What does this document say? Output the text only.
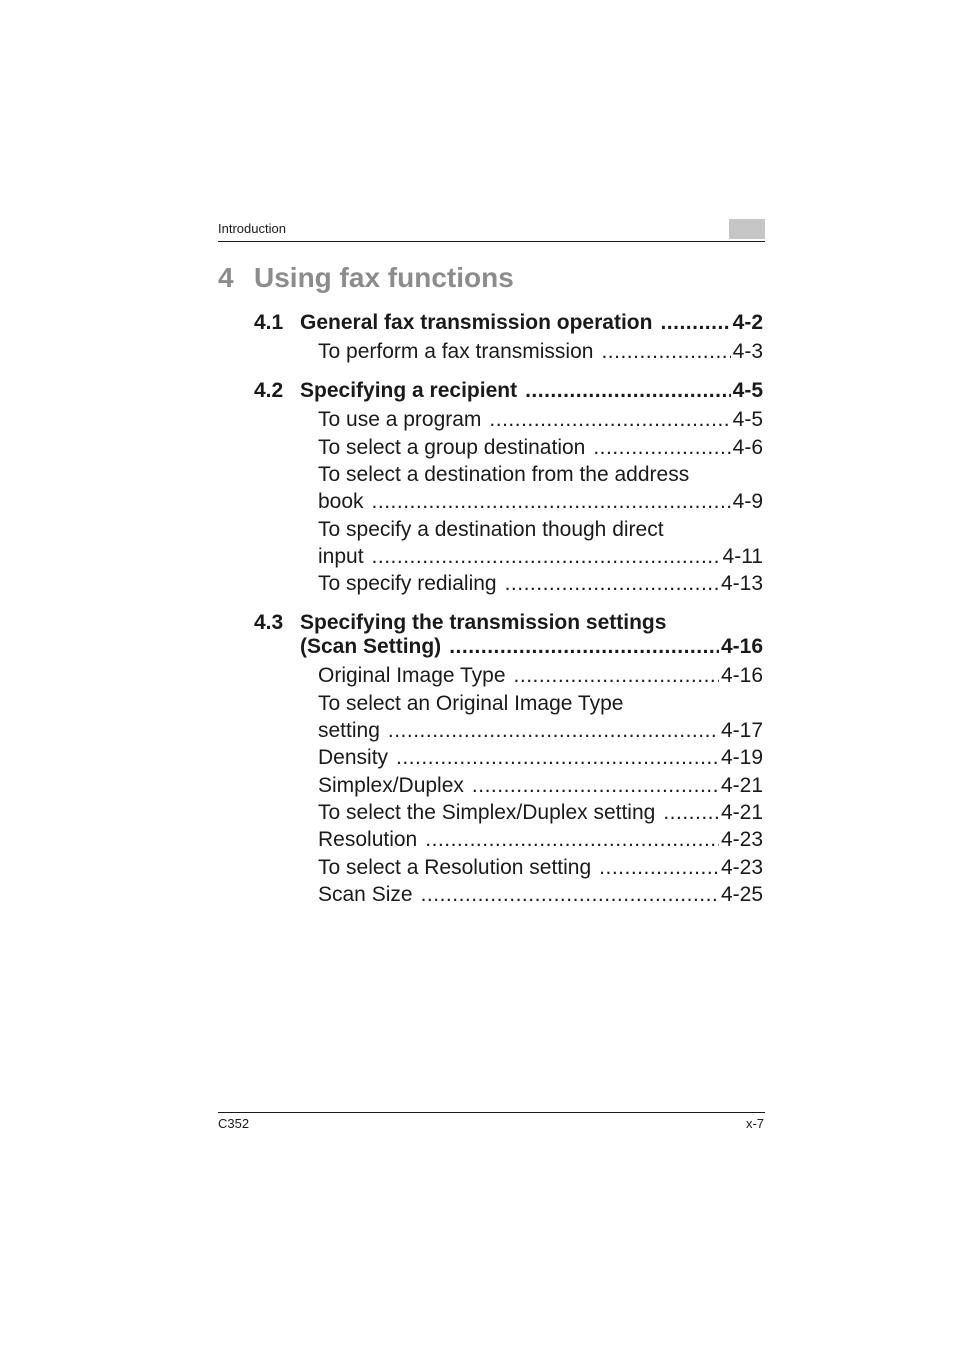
Introduction
4 Using fax functions
4.1 General fax transmission operation .....	4-2
To perform a fax transmission .....	4-3
4.2 Specifying a recipient .....	4-5
To use a program .....	4-5
To select a group destination .....	4-6
To select a destination from the address
book .....	4-9
To specify a destination though direct
input .....	4-11
To specify redialing .....	4-13
4.3 Specifying the transmission settings
(Scan Setting) .....	4-16
Original Image Type .....	4-16
To select an Original Image Type
setting .....	4-17
Density .....	4-19
Simplex/Duplex .....	4-21
To select the Simplex/Duplex setting .....	4-21
Resolution .....	4-23
To select a Resolution setting .....	4-23
Scan Size .....	4-25
C352	x-7
